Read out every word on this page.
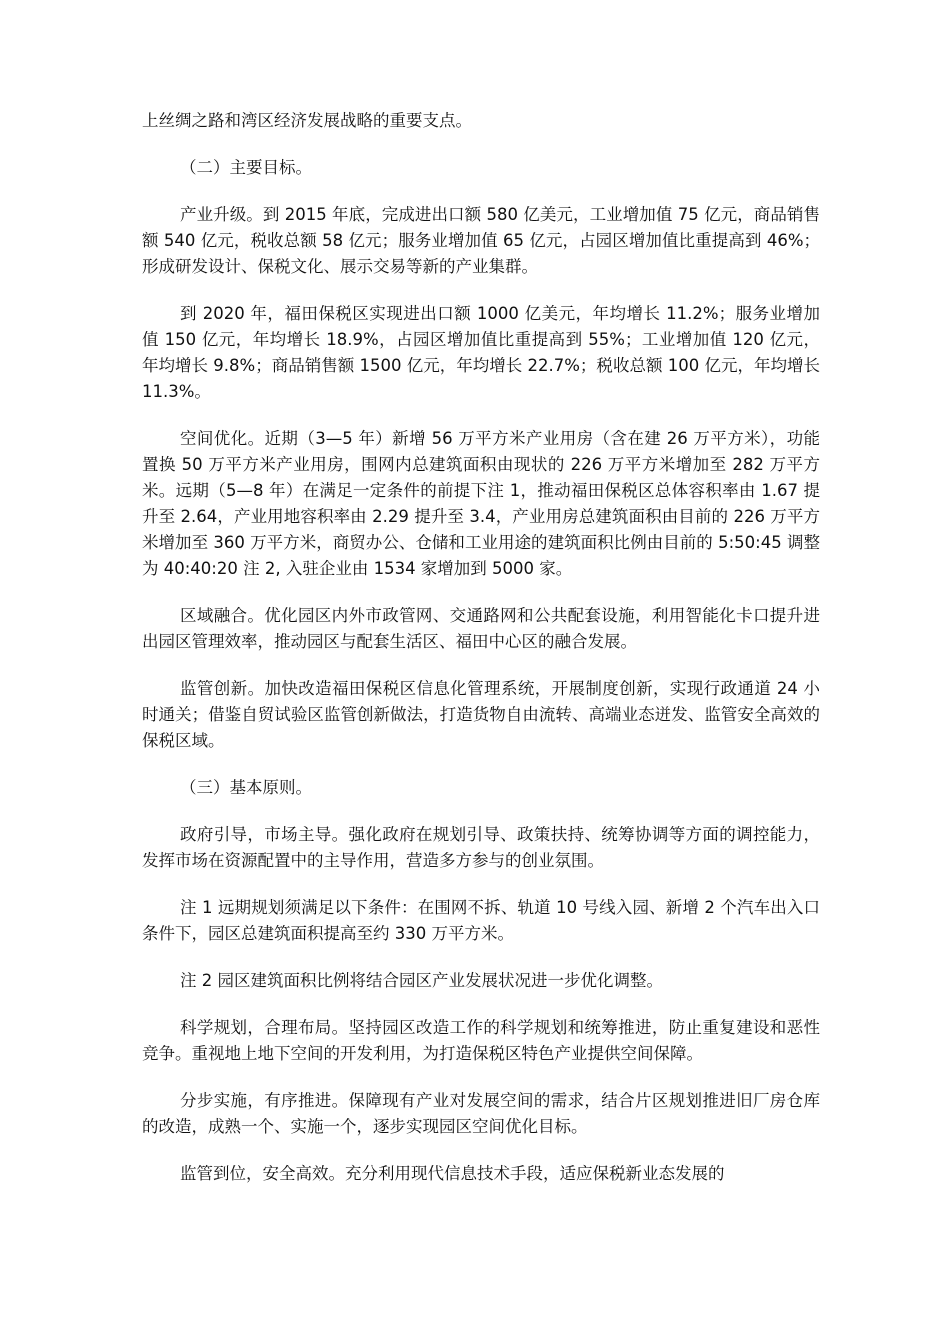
上丝绸之路和湾区经济发展战略的重要支点。

（二）主要目标。

产业升级。到 2015 年底，完成进出口额 580 亿美元，工业增加值 75 亿元，商品销售额 540 亿元，税收总额 58 亿元；服务业增加值 65 亿元，占园区增加值比重提高到 46%；形成研发设计、保税文化、展示交易等新的产业集群。

到 2020 年，福田保税区实现进出口额 1000 亿美元，年均增长 11.2%；服务业增加值 150 亿元，年均增长 18.9%，占园区增加值比重提高到 55%；工业增加值 120 亿元，年均增长 9.8%；商品销售额 1500 亿元，年均增长 22.7%；税收总额 100 亿元，年均增长 11.3%。

空间优化。近期（3—5 年）新增 56 万平方米产业用房（含在建 26 万平方米），功能置换 50 万平方米产业用房，围网内总建筑面积由现状的 226 万平方米增加至 282 万平方米。远期（5—8 年）在满足一定条件的前提下注 1，推动福田保税区总体容积率由 1.67 提升至 2.64，产业用地容积率由 2.29 提升至 3.4，产业用房总建筑面积由目前的 226 万平方米增加至 360 万平方米，商贸办公、仓储和工业用途的建筑面积比例由目前的 5:50:45 调整为 40:40:20 注 2, 入驻企业由 1534 家增加到 5000 家。

区域融合。优化园区内外市政管网、交通路网和公共配套设施，利用智能化卡口提升进出园区管理效率，推动园区与配套生活区、福田中心区的融合发展。

监管创新。加快改造福田保税区信息化管理系统，开展制度创新，实现行政通道 24 小时通关；借鉴自贸试验区监管创新做法，打造货物自由流转、高端业态迸发、监管安全高效的保税区域。

（三）基本原则。

政府引导，市场主导。强化政府在规划引导、政策扶持、统筹协调等方面的调控能力，发挥市场在资源配置中的主导作用，营造多方参与的创业氛围。

注 1 远期规划须满足以下条件：在围网不拆、轨道 10 号线入园、新增 2 个汽车出入口条件下，园区总建筑面积提高至约 330 万平方米。

注 2 园区建筑面积比例将结合园区产业发展状况进一步优化调整。

科学规划，合理布局。坚持园区改造工作的科学规划和统筹推进，防止重复建设和恶性竞争。重视地上地下空间的开发利用，为打造保税区特色产业提供空间保障。

分步实施，有序推进。保障现有产业对发展空间的需求，结合片区规划推进旧厂房仓库的改造，成熟一个、实施一个，逐步实现园区空间优化目标。

监管到位，安全高效。充分利用现代信息技术手段，适应保税新业态发展的
